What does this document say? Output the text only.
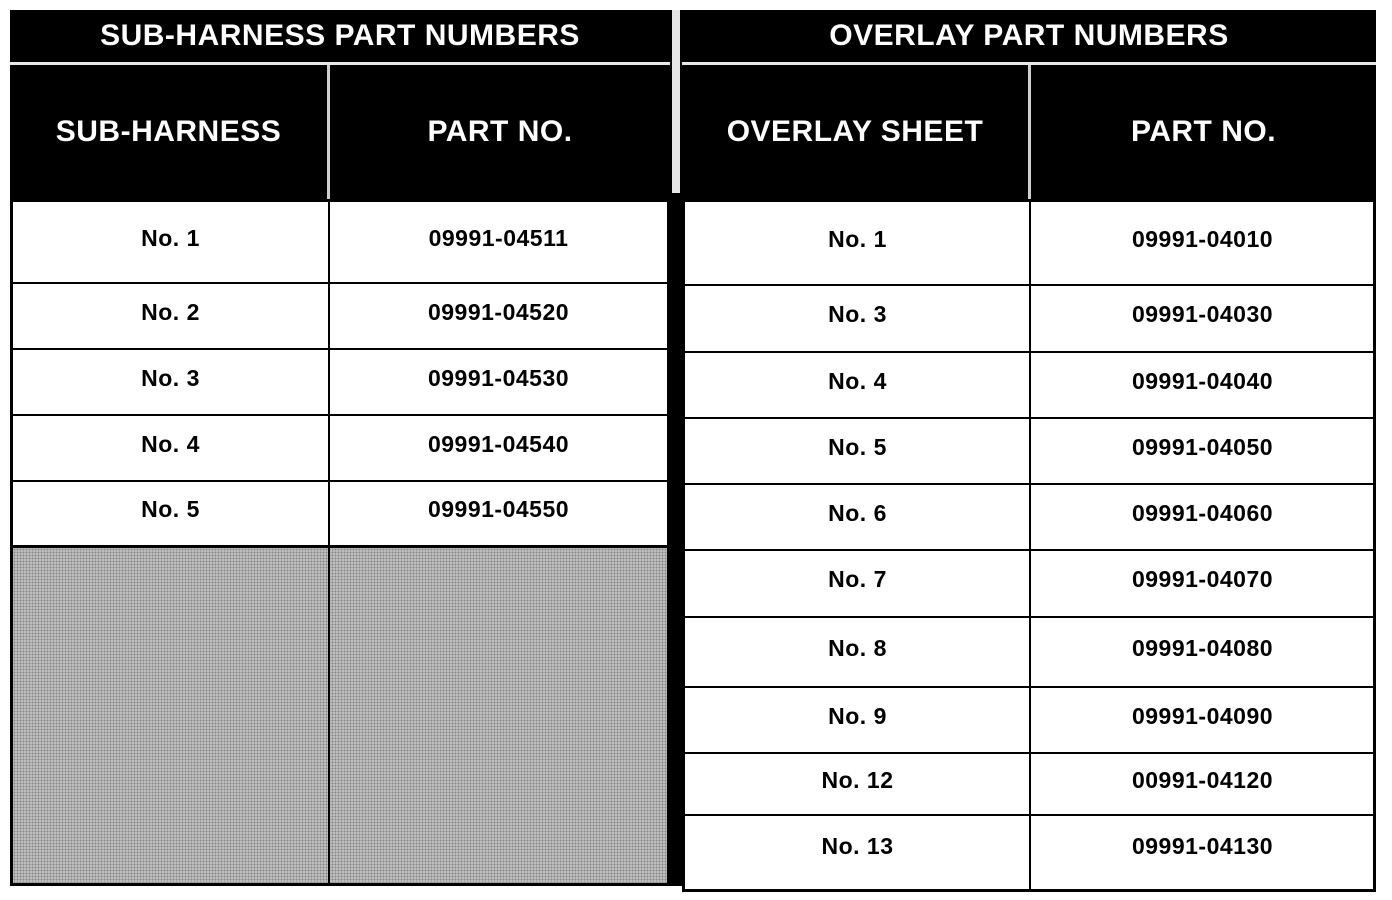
SUB-HARNESS PART NUMBERS
SUB-HARNESS	PART NO.
No. 1	09991-04511
No. 2	09991-04520
No. 3	09991-04530
No. 4	09991-04540
No. 5	09991-04550
OVERLAY PART NUMBERS
OVERLAY SHEET	PART NO.
No. 1	09991-04010
No. 3	09991-04030
No. 4	09991-04040
No. 5	09991-04050
No. 6	09991-04060
No. 7	09991-04070
No. 8	09991-04080
No. 9	09991-04090
No. 12	00991-04120
No. 13	09991-04130
